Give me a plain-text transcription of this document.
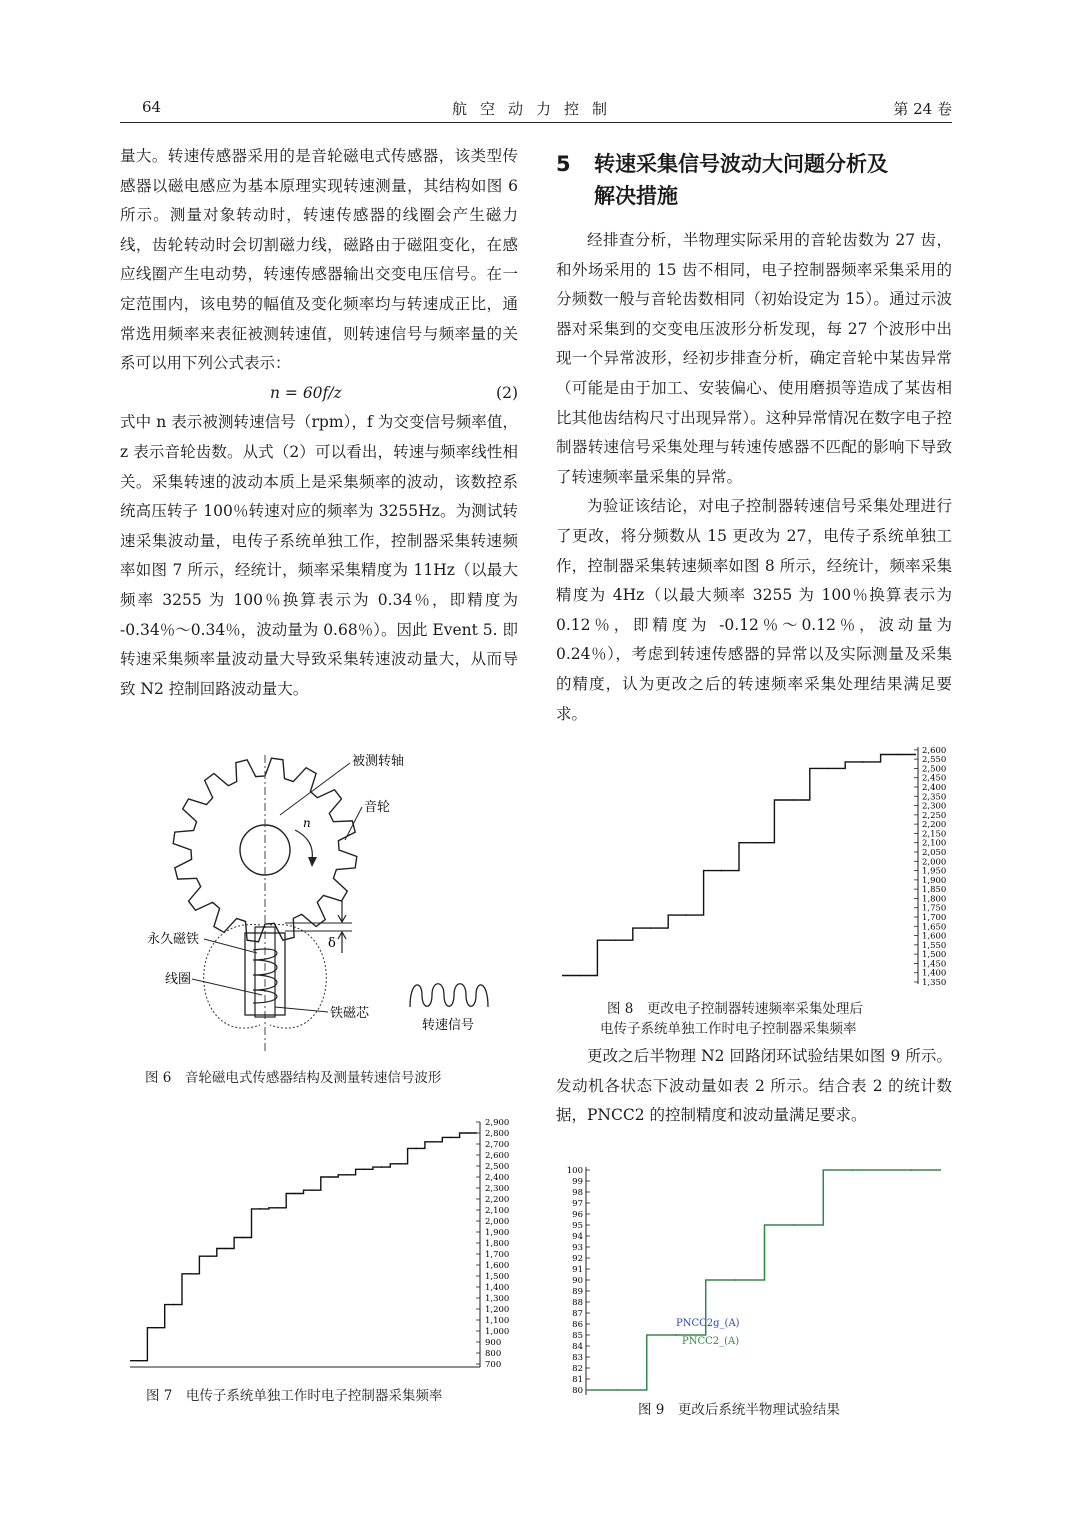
64	航空动力控制	第 24 卷

量大。转速传感器采用的是音轮磁电式传感器，该类型传感器以磁电感应为基本原理实现转速测量，其结构如图 6 所示。测量对象转动时，转速传感器的线圈会产生磁力线，齿轮转动时会切割磁力线，磁路由于磁阻变化，在感应线圈产生电动势，转速传感器输出交变电压信号。在一定范围内，该电势的幅值及变化频率均与转速成正比，通常选用频率来表征被测转速值，则转速信号与频率量的关系可以用下列公式表示：

n = 60f/z	(2)

式中 n 表示被测转速信号（rpm），f 为交变信号频率值，z 表示音轮齿数。从式（2）可以看出，转速与频率线性相关。采集转速的波动本质上是采集频率的波动，该数控系统高压转子 100％转速对应的频率为 3255Hz。为测试转速采集波动量，电传子系统单独工作，控制器采集转速频率如图 7 所示，经统计，频率采集精度为 11Hz（以最大频率 3255 为 100％换算表示为 0.34％，即精度为 -0.34％～0.34％，波动量为 0.68％）。因此 Event 5. 即转速采集频率量波动量大导致采集转速波动量大，从而导致 N2 控制回路波动量大。

5 转速采集信号波动大问题分析及
解决措施

经排查分析，半物理实际采用的音轮齿数为 27 齿，和外场采用的 15 齿不相同，电子控制器频率采集采用的分频数一般与音轮齿数相同（初始设定为 15）。通过示波器对采集到的交变电压波形分析发现，每 27 个波形中出现一个异常波形，经初步排查分析，确定音轮中某齿异常（可能是由于加工、安装偏心、使用磨损等造成了某齿相比其他齿结构尺寸出现异常）。这种异常情况在数字电子控制器转速信号采集处理与转速传感器不匹配的影响下导致了转速频率量采集的异常。

为验证该结论，对电子控制器转速信号采集处理进行了更改，将分频数从 15 更改为 27，电传子系统单独工作，控制器采集转速频率如图 8 所示，经统计，频率采集精度为 4Hz（以最大频率 3255 为 100％换算表示为 0.12％，即精度为 -0.12％～0.12％，波动量为 0.24％），考虑到转速传感器的异常以及实际测量及采集的精度，认为更改之后的转速频率采集处理结果满足要求。

更改之后半物理 N2 回路闭环试验结果如图 9 所示。发动机各状态下波动量如表 2 所示。结合表 2 的统计数据，PNCC2 的控制精度和波动量满足要求。

被测转轴
音轮
n
δ
永久磁铁
线圈
铁磁芯
转速信号
图 6　音轮磁电式传感器结构及测量转速信号波形
2,900
2,800
2,700
2,600
2,500
2,400
2,300
2,200
2,100
2,000
1,900
1,800
1,700
1,600
1,500
1,400
1,300
1,200
1,100
1,000
900
800
700
图 7　电传子系统单独工作时电子控制器采集频率
2,600
2,550
2,500
2,450
2,400
2,350
2,300
2,250
2,200
2,150
2,100
2,050
2,000
1,950
1,900
1,850
1,800
1,750
1,700
1,650
1,600
1,550
1,500
1,450
1,400
1,350
图 8　更改电子控制器转速频率采集处理后
电传子系统单独工作时电子控制器采集频率
PNCC2g_(A)
PNCC2_(A)
100
99
98
97
96
95
94
93
92
91
90
89
88
87
86
85
84
83
82
81
80
图 9　更改后系统半物理试验结果
